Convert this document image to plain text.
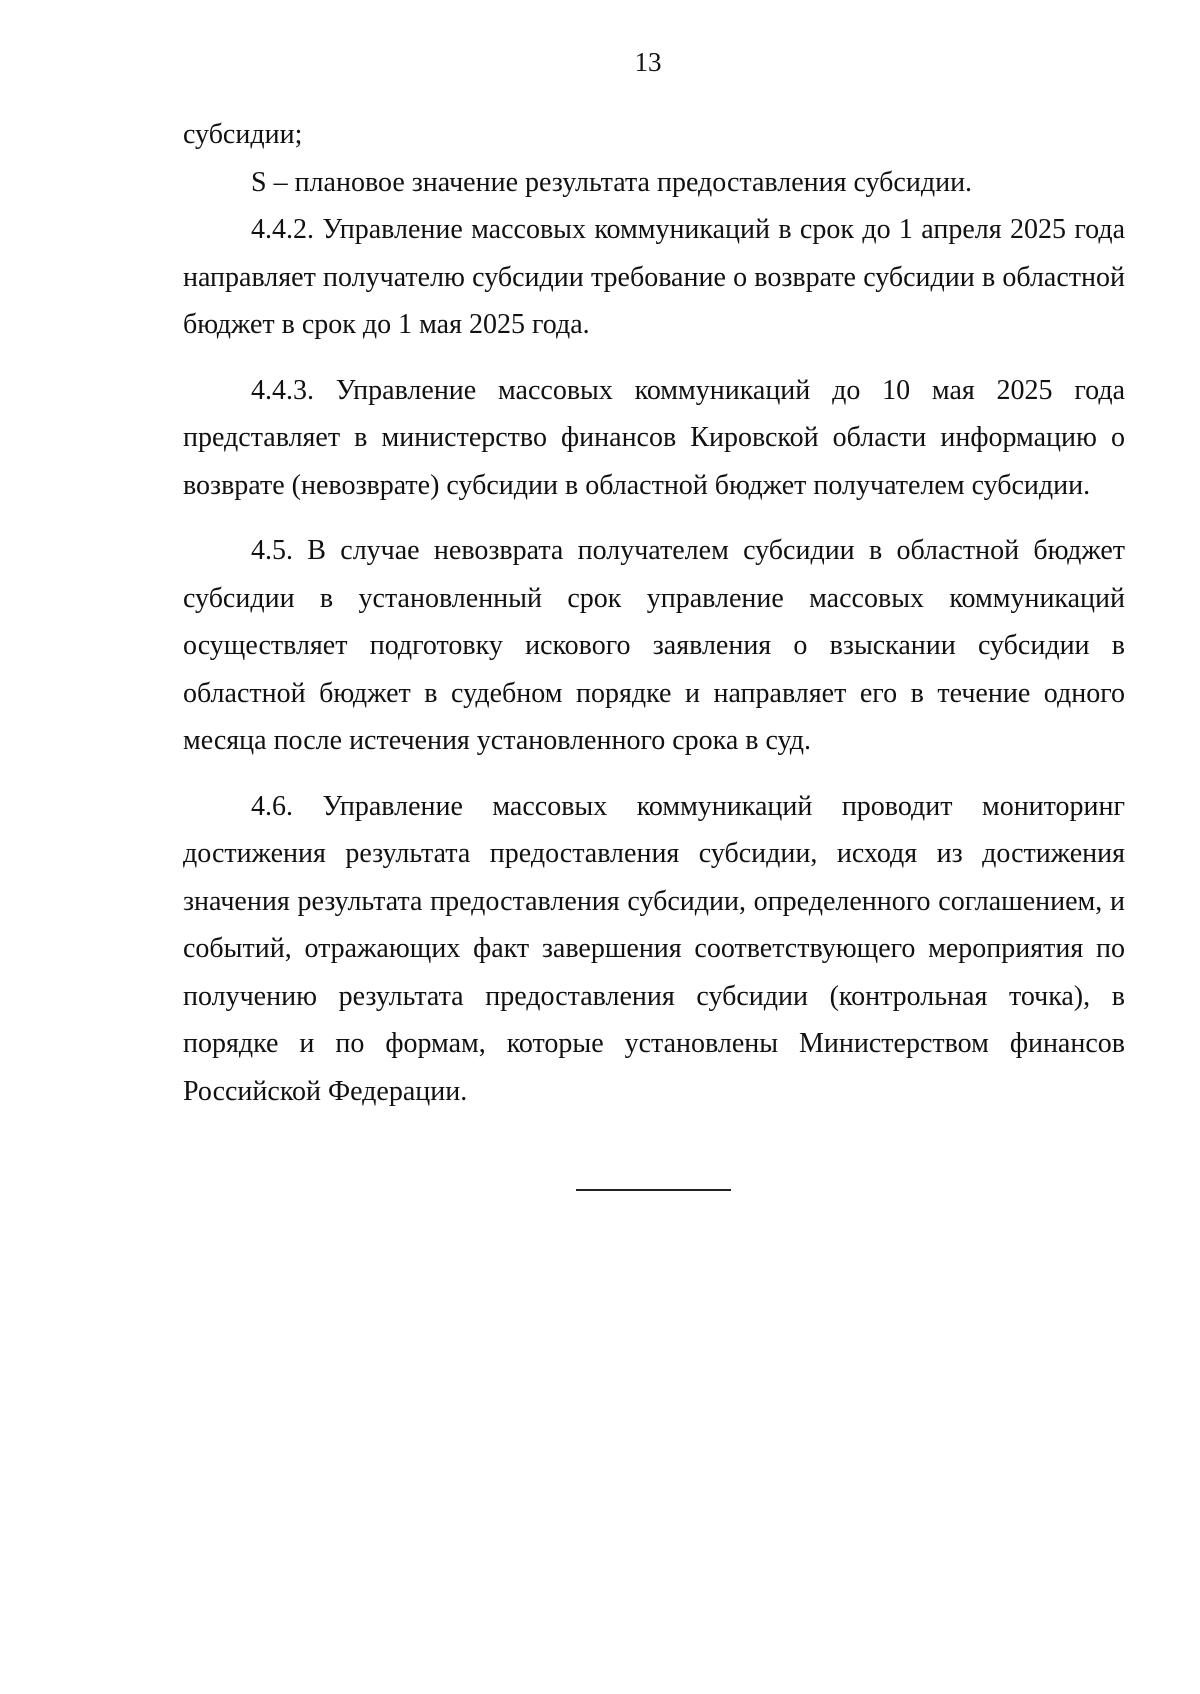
13

субсидии;

S – плановое значение результата предоставления субсидии.

4.4.2. Управление массовых коммуникаций в срок до 1 апреля 2025 года направляет получателю субсидии требование о возврате субсидии в областной бюджет в срок до 1 мая 2025 года.

4.4.3. Управление массовых коммуникаций до 10 мая 2025 года представляет в министерство финансов Кировской области информацию о возврате (невозврате) субсидии в областной бюджет получателем субсидии.

4.5. В случае невозврата получателем субсидии в областной бюджет субсидии в установленный срок управление массовых коммуникаций осуществляет подготовку искового заявления о взыскании субсидии в областной бюджет в судебном порядке и направляет его в течение одного месяца после истечения установленного срока в суд.

4.6. Управление массовых коммуникаций проводит мониторинг достижения результата предоставления субсидии, исходя из достижения значения результата предоставления субсидии, определенного соглашением, и событий, отражающих факт завершения соответствующего мероприятия по получению результата предоставления субсидии (контрольная точка), в порядке и по формам, которые установлены Министерством финансов Российской Федерации.
